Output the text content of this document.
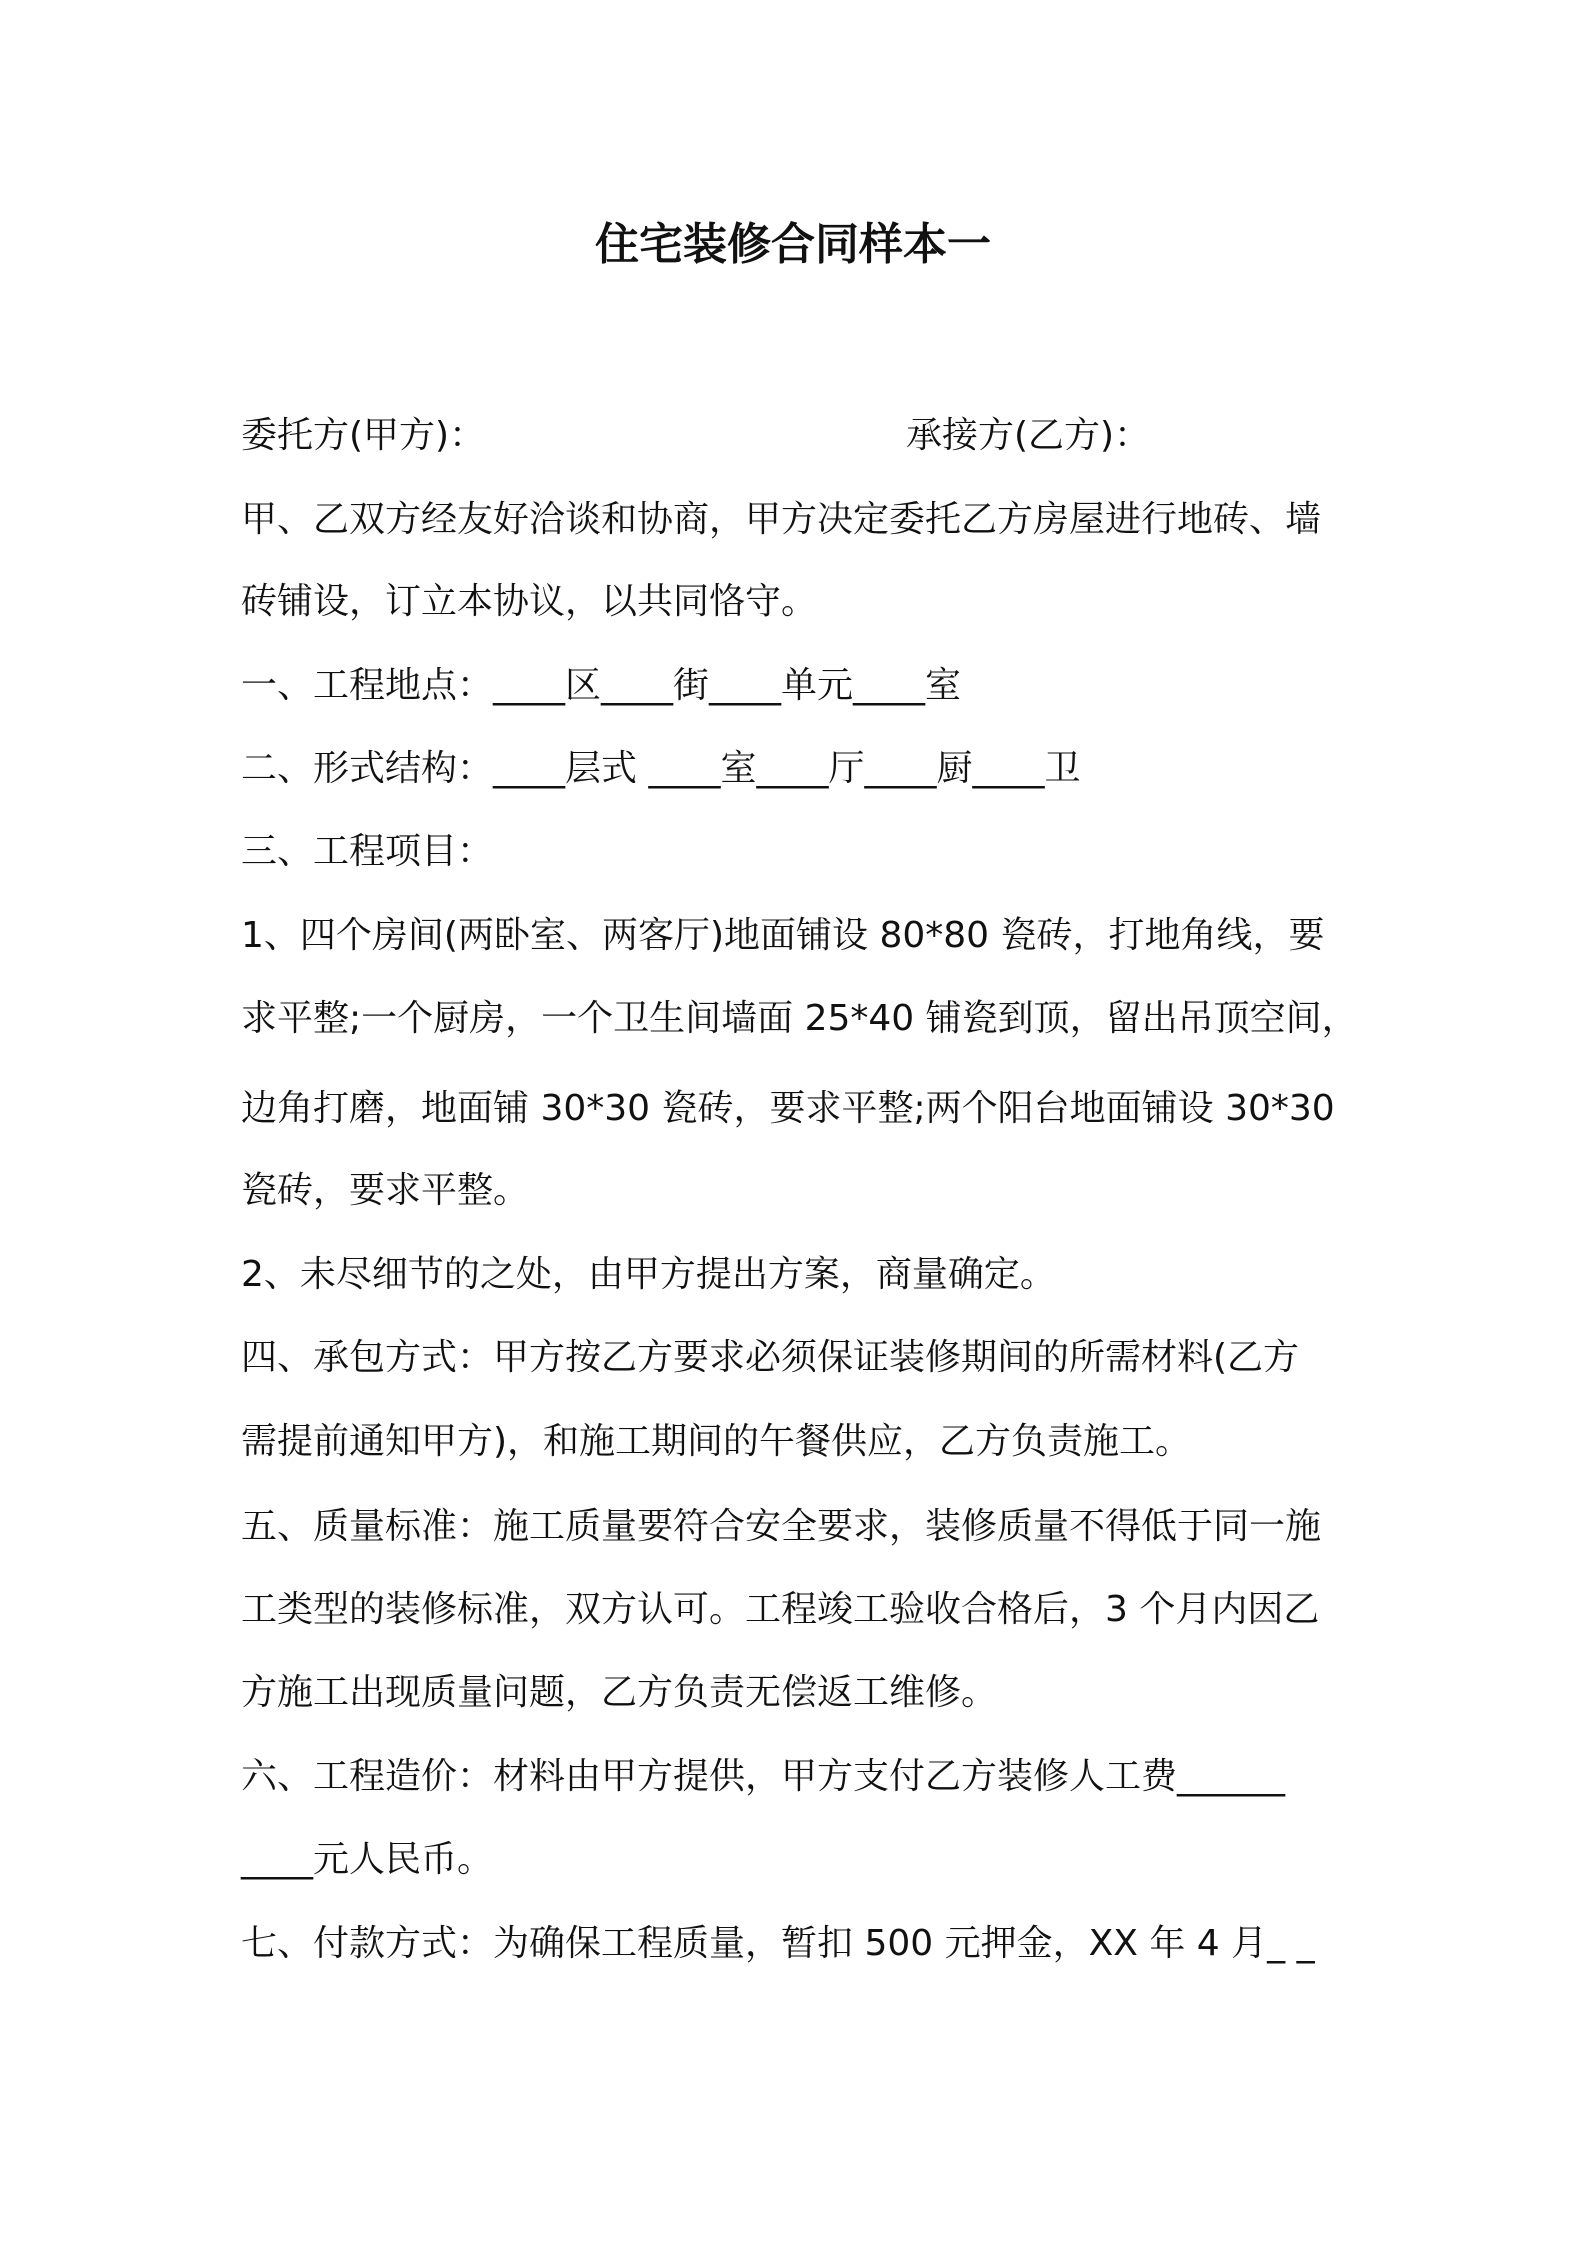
住宅装修合同样本一
委托方(甲方)：	承接方(乙方)：
甲、乙双方经友好洽谈和协商，甲方决定委托乙方房屋进行地砖、墙
砖铺设，订立本协议，以共同恪守。
一、工程地点：____区____街____单元____室
二、形式结构：____层式 ____室____厅____厨____卫
三、工程项目：
1、四个房间(两卧室、两客厅)地面铺设 80*80 瓷砖，打地角线，要
求平整;一个厨房，一个卫生间墙面 25*40 铺瓷到顶，留出吊顶空间，
边角打磨，地面铺 30*30 瓷砖，要求平整;两个阳台地面铺设 30*30
瓷砖，要求平整。
2、未尽细节的之处，由甲方提出方案，商量确定。
四、承包方式：甲方按乙方要求必须保证装修期间的所需材料(乙方
需提前通知甲方)，和施工期间的午餐供应，乙方负责施工。
五、质量标准：施工质量要符合安全要求，装修质量不得低于同一施
工类型的装修标准，双方认可。工程竣工验收合格后，3 个月内因乙
方施工出现质量问题，乙方负责无偿返工维修。
六、工程造价：材料由甲方提供，甲方支付乙方装修人工费______
____元人民币。
七、付款方式：为确保工程质量，暂扣 500 元押金，XX 年 4 月_ _
